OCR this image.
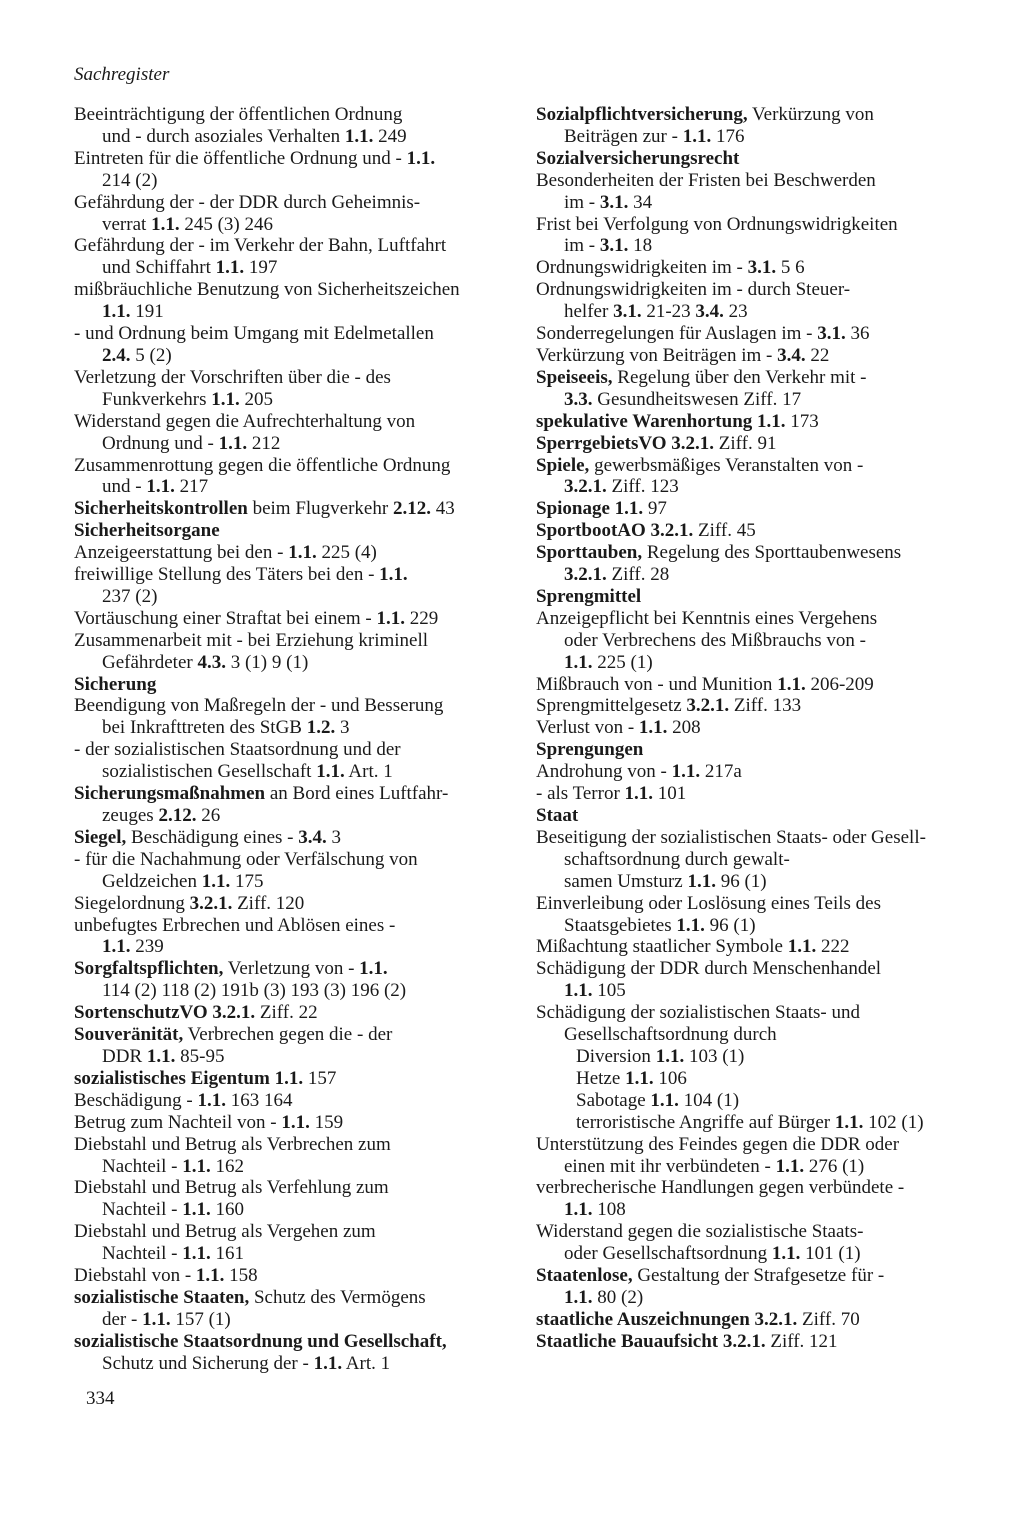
Sachregister
Beeinträchtigung der öffentlichen Ordnung
und - durch asoziales Verhalten 1.1. 249
Eintreten für die öffentliche Ordnung und - 1.1.
214 (2)
Gefährdung der - der DDR durch Geheimnis-
verrat 1.1. 245 (3) 246
Gefährdung der - im Verkehr der Bahn, Luftfahrt
und Schiffahrt 1.1. 197
mißbräuchliche Benutzung von Sicherheitszeichen
1.1. 191
- und Ordnung beim Umgang mit Edelmetallen
2.4. 5 (2)
Verletzung der Vorschriften über die - des
Funkverkehrs 1.1. 205
Widerstand gegen die Aufrechterhaltung von
Ordnung und - 1.1. 212
Zusammenrottung gegen die öffentliche Ordnung
und - 1.1. 217
Sicherheitskontrollen beim Flugverkehr 2.12. 43
Sicherheitsorgane
Anzeigeerstattung bei den - 1.1. 225 (4)
freiwillige Stellung des Täters bei den - 1.1.
237 (2)
Vortäuschung einer Straftat bei einem - 1.1. 229
Zusammenarbeit mit - bei Erziehung kriminell
Gefährdeter 4.3. 3 (1) 9 (1)
Sicherung
Beendigung von Maßregeln der - und Besserung
bei Inkrafttreten des StGB 1.2. 3
- der sozialistischen Staatsordnung und der
sozialistischen Gesellschaft 1.1. Art. 1
Sicherungsmaßnahmen an Bord eines Luftfahr-
zeuges 2.12. 26
Siegel, Beschädigung eines - 3.4. 3
- für die Nachahmung oder Verfälschung von
Geldzeichen 1.1. 175
Siegelordnung 3.2.1. Ziff. 120
unbefugtes Erbrechen und Ablösen eines -
1.1. 239
Sorgfaltspflichten, Verletzung von - 1.1.
114 (2) 118 (2) 191b (3) 193 (3) 196 (2)
SortenschutzVO 3.2.1. Ziff. 22
Souveränität, Verbrechen gegen die - der
DDR 1.1. 85-95
sozialistisches Eigentum 1.1. 157
Beschädigung - 1.1. 163 164
Betrug zum Nachteil von - 1.1. 159
Diebstahl und Betrug als Verbrechen zum
Nachteil - 1.1. 162
Diebstahl und Betrug als Verfehlung zum
Nachteil - 1.1. 160
Diebstahl und Betrug als Vergehen zum
Nachteil - 1.1. 161
Diebstahl von - 1.1. 158
sozialistische Staaten, Schutz des Vermögens
der - 1.1. 157 (1)
sozialistische Staatsordnung und Gesellschaft,
Schutz und Sicherung der - 1.1. Art. 1
Sozialpflichtversicherung, Verkürzung von
Beiträgen zur - 1.1. 176
Sozialversicherungsrecht
Besonderheiten der Fristen bei Beschwerden
im - 3.1. 34
Frist bei Verfolgung von Ordnungswidrigkeiten
im - 3.1. 18
Ordnungswidrigkeiten im - 3.1. 5 6
Ordnungswidrigkeiten im - durch Steuer-
helfer 3.1. 21-23 3.4. 23
Sonderregelungen für Auslagen im - 3.1. 36
Verkürzung von Beiträgen im - 3.4. 22
Speiseeis, Regelung über den Verkehr mit -
3.3. Gesundheitswesen Ziff. 17
spekulative Warenhortung 1.1. 173
SperrgebietsVO 3.2.1. Ziff. 91
Spiele, gewerbsmäßiges Veranstalten von -
3.2.1. Ziff. 123
Spionage 1.1. 97
SportbootAO 3.2.1. Ziff. 45
Sporttauben, Regelung des Sporttaubenwesens
3.2.1. Ziff. 28
Sprengmittel
Anzeigepflicht bei Kenntnis eines Vergehens
oder Verbrechens des Mißbrauchs von -
1.1. 225 (1)
Mißbrauch von - und Munition 1.1. 206-209
Sprengmittelgesetz 3.2.1. Ziff. 133
Verlust von - 1.1. 208
Sprengungen
Androhung von - 1.1. 217a
- als Terror 1.1. 101
Staat
Beseitigung der sozialistischen Staats- oder Gesell-
schaftsordnung durch gewalt-
samen Umsturz 1.1. 96 (1)
Einverleibung oder Loslösung eines Teils des
Staatsgebietes 1.1. 96 (1)
Mißachtung staatlicher Symbole 1.1. 222
Schädigung der DDR durch Menschenhandel
1.1. 105
Schädigung der sozialistischen Staats- und
Gesellschaftsordnung durch
Diversion 1.1. 103 (1)
Hetze 1.1. 106
Sabotage 1.1. 104 (1)
terroristische Angriffe auf Bürger 1.1. 102 (1)
Unterstützung des Feindes gegen die DDR oder
einen mit ihr verbündeten - 1.1. 276 (1)
verbrecherische Handlungen gegen verbündete -
1.1. 108
Widerstand gegen die sozialistische Staats-
oder Gesellschaftsordnung 1.1. 101 (1)
Staatenlose, Gestaltung der Strafgesetze für -
1.1. 80 (2)
staatliche Auszeichnungen 3.2.1. Ziff. 70
Staatliche Bauaufsicht 3.2.1. Ziff. 121
334
